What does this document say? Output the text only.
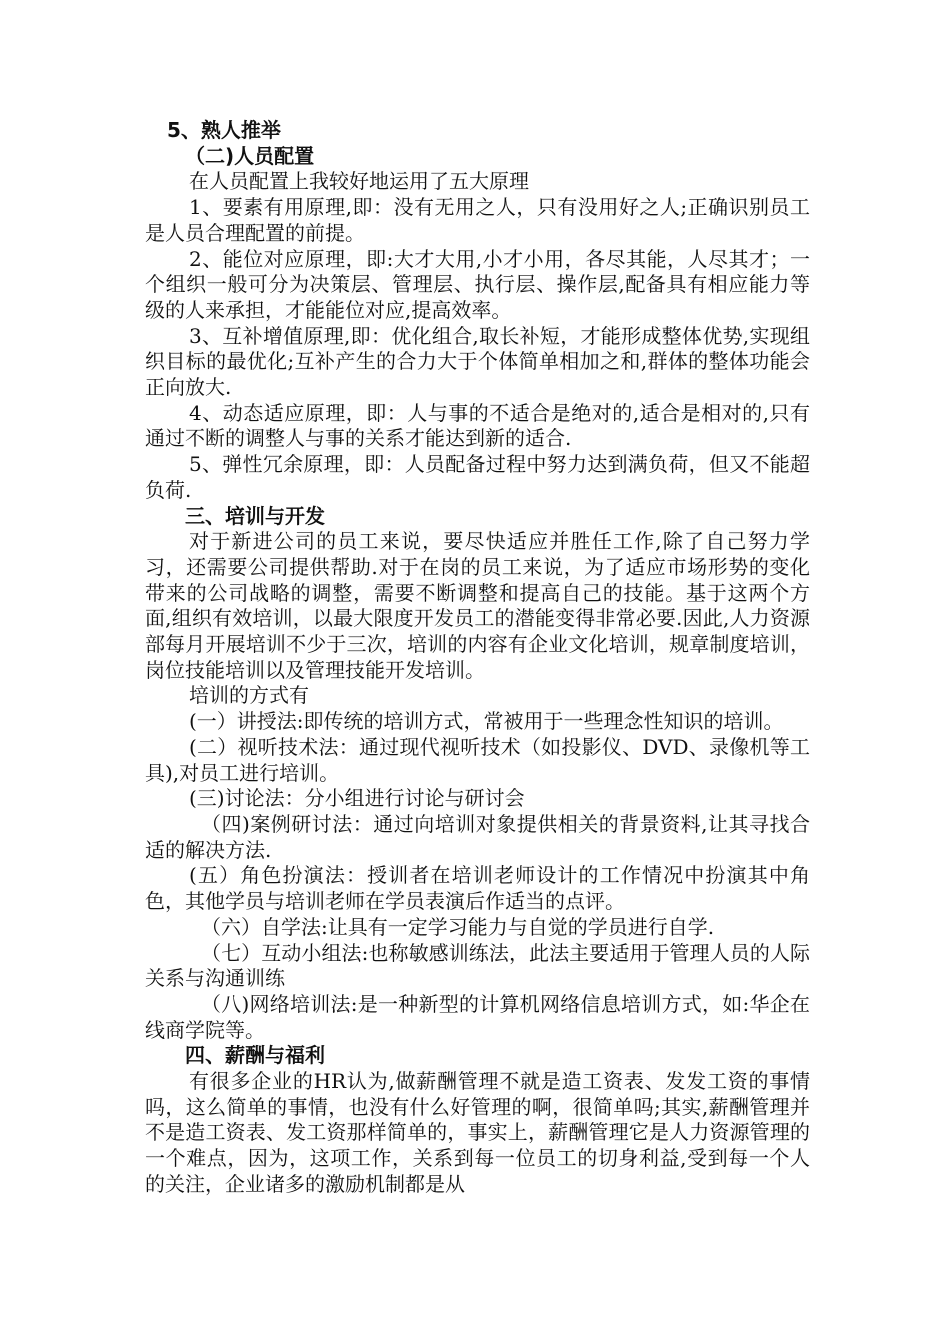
5、熟人推举

（二)人员配置

在人员配置上我较好地运用了五大原理

1、要素有用原理,即：没有无用之人，只有没用好之人;正确识别员工是人员合理配置的前提。

2、能位对应原理，即:大才大用,小才小用，各尽其能，人尽其才；一个组织一般可分为决策层、管理层、执行层、操作层,配备具有相应能力等级的人来承担，才能能位对应,提高效率。

3、互补增值原理,即：优化组合,取长补短，才能形成整体优势,实现组织目标的最优化;互补产生的合力大于个体简单相加之和,群体的整体功能会正向放大.

4、动态适应原理，即：人与事的不适合是绝对的,适合是相对的,只有通过不断的调整人与事的关系才能达到新的适合.

5、弹性冗余原理，即：人员配备过程中努力达到满负荷，但又不能超负荷.

三、培训与开发

对于新进公司的员工来说，要尽快适应并胜任工作,除了自己努力学习，还需要公司提供帮助.对于在岗的员工来说，为了适应市场形势的变化带来的公司战略的调整，需要不断调整和提高自己的技能。基于这两个方面,组织有效培训，以最大限度开发员工的潜能变得非常必要.因此,人力资源部每月开展培训不少于三次，培训的内容有企业文化培训，规章制度培训，岗位技能培训以及管理技能开发培训。

培训的方式有

(一）讲授法:即传统的培训方式，常被用于一些理念性知识的培训。

(二）视听技术法：通过现代视听技术（如投影仪、DVD、录像机等工具),对员工进行培训。

(三)讨论法：分小组进行讨论与研讨会

（四)案例研讨法：通过向培训对象提供相关的背景资料,让其寻找合适的解决方法.

(五）角色扮演法：授训者在培训老师设计的工作情况中扮演其中角色，其他学员与培训老师在学员表演后作适当的点评。

（六）自学法:让具有一定学习能力与自觉的学员进行自学.

（七）互动小组法:也称敏感训练法，此法主要适用于管理人员的人际关系与沟通训练

（八)网络培训法:是一种新型的计算机网络信息培训方式，如:华企在线商学院等。

四、薪酬与福利

有很多企业的HR认为,做薪酬管理不就是造工资表、发发工资的事情吗，这么简单的事情，也没有什么好管理的啊，很简单吗;其实,薪酬管理并不是造工资表、发工资那样简单的，事实上，薪酬管理它是人力资源管理的一个难点，因为，这项工作，关系到每一位员工的切身利益,受到每一个人的关注，企业诸多的激励机制都是从
